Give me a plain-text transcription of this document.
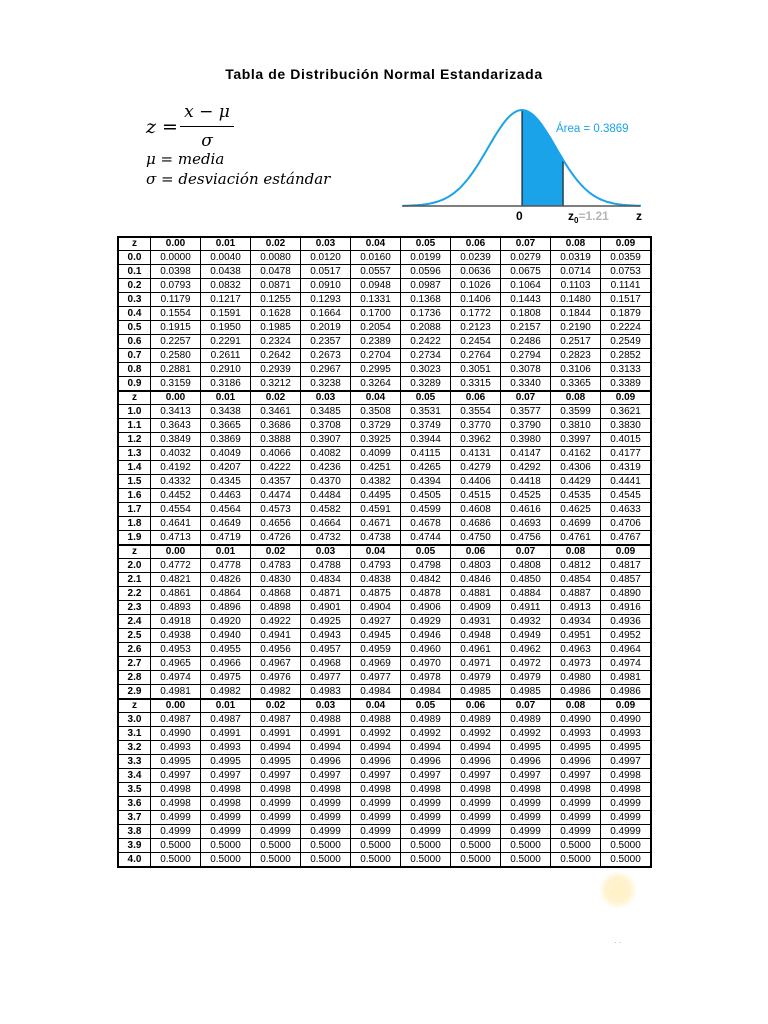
Tabla de Distribución Normal Estandarizada
z =
x − μ
σ
μ = media
σ = desviación estándar
Área = 0.3869
0	$z_0=1.21$ z
z	0.00	0.01	0.02	0.03	0.04	0.05	0.06	0.07	0.08	0.09
0.0	0.0000	0.0040	0.0080	0.0120	0.0160	0.0199	0.0239	0.0279	0.0319	0.0359
0.1	0.0398	0.0438	0.0478	0.0517	0.0557	0.0596	0.0636	0.0675	0.0714	0.0753
0.2	0.0793	0.0832	0.0871	0.0910	0.0948	0.0987	0.1026	0.1064	0.1103	0.1141
0.3	0.1179	0.1217	0.1255	0.1293	0.1331	0.1368	0.1406	0.1443	0.1480	0.1517
0.4	0.1554	0.1591	0.1628	0.1664	0.1700	0.1736	0.1772	0.1808	0.1844	0.1879
0.5	0.1915	0.1950	0.1985	0.2019	0.2054	0.2088	0.2123	0.2157	0.2190	0.2224
0.6	0.2257	0.2291	0.2324	0.2357	0.2389	0.2422	0.2454	0.2486	0.2517	0.2549
0.7	0.2580	0.2611	0.2642	0.2673	0.2704	0.2734	0.2764	0.2794	0.2823	0.2852
0.8	0.2881	0.2910	0.2939	0.2967	0.2995	0.3023	0.3051	0.3078	0.3106	0.3133
0.9	0.3159	0.3186	0.3212	0.3238	0.3264	0.3289	0.3315	0.3340	0.3365	0.3389
z	0.00	0.01	0.02	0.03	0.04	0.05	0.06	0.07	0.08	0.09
1.0	0.3413	0.3438	0.3461	0.3485	0.3508	0.3531	0.3554	0.3577	0.3599	0.3621
1.1	0.3643	0.3665	0.3686	0.3708	0.3729	0.3749	0.3770	0.3790	0.3810	0.3830
1.2	0.3849	0.3869	0.3888	0.3907	0.3925	0.3944	0.3962	0.3980	0.3997	0.4015
1.3	0.4032	0.4049	0.4066	0.4082	0.4099	0.4115	0.4131	0.4147	0.4162	0.4177
1.4	0.4192	0.4207	0.4222	0.4236	0.4251	0.4265	0.4279	0.4292	0.4306	0.4319
1.5	0.4332	0.4345	0.4357	0.4370	0.4382	0.4394	0.4406	0.4418	0.4429	0.4441
1.6	0.4452	0.4463	0.4474	0.4484	0.4495	0.4505	0.4515	0.4525	0.4535	0.4545
1.7	0.4554	0.4564	0.4573	0.4582	0.4591	0.4599	0.4608	0.4616	0.4625	0.4633
1.8	0.4641	0.4649	0.4656	0.4664	0.4671	0.4678	0.4686	0.4693	0.4699	0.4706
1.9	0.4713	0.4719	0.4726	0.4732	0.4738	0.4744	0.4750	0.4756	0.4761	0.4767
z	0.00	0.01	0.02	0.03	0.04	0.05	0.06	0.07	0.08	0.09
2.0	0.4772	0.4778	0.4783	0.4788	0.4793	0.4798	0.4803	0.4808	0.4812	0.4817
2.1	0.4821	0.4826	0.4830	0.4834	0.4838	0.4842	0.4846	0.4850	0.4854	0.4857
2.2	0.4861	0.4864	0.4868	0.4871	0.4875	0.4878	0.4881	0.4884	0.4887	0.4890
2.3	0.4893	0.4896	0.4898	0.4901	0.4904	0.4906	0.4909	0.4911	0.4913	0.4916
2.4	0.4918	0.4920	0.4922	0.4925	0.4927	0.4929	0.4931	0.4932	0.4934	0.4936
2.5	0.4938	0.4940	0.4941	0.4943	0.4945	0.4946	0.4948	0.4949	0.4951	0.4952
2.6	0.4953	0.4955	0.4956	0.4957	0.4959	0.4960	0.4961	0.4962	0.4963	0.4964
2.7	0.4965	0.4966	0.4967	0.4968	0.4969	0.4970	0.4971	0.4972	0.4973	0.4974
2.8	0.4974	0.4975	0.4976	0.4977	0.4977	0.4978	0.4979	0.4979	0.4980	0.4981
2.9	0.4981	0.4982	0.4982	0.4983	0.4984	0.4984	0.4985	0.4985	0.4986	0.4986
z	0.00	0.01	0.02	0.03	0.04	0.05	0.06	0.07	0.08	0.09
3.0	0.4987	0.4987	0.4987	0.4988	0.4988	0.4989	0.4989	0.4989	0.4990	0.4990
3.1	0.4990	0.4991	0.4991	0.4991	0.4992	0.4992	0.4992	0.4992	0.4993	0.4993
3.2	0.4993	0.4993	0.4994	0.4994	0.4994	0.4994	0.4994	0.4995	0.4995	0.4995
3.3	0.4995	0.4995	0.4995	0.4996	0.4996	0.4996	0.4996	0.4996	0.4996	0.4997
3.4	0.4997	0.4997	0.4997	0.4997	0.4997	0.4997	0.4997	0.4997	0.4997	0.4998
3.5	0.4998	0.4998	0.4998	0.4998	0.4998	0.4998	0.4998	0.4998	0.4998	0.4998
3.6	0.4998	0.4998	0.4999	0.4999	0.4999	0.4999	0.4999	0.4999	0.4999	0.4999
3.7	0.4999	0.4999	0.4999	0.4999	0.4999	0.4999	0.4999	0.4999	0.4999	0.4999
3.8	0.4999	0.4999	0.4999	0.4999	0.4999	0.4999	0.4999	0.4999	0.4999	0.4999
3.9	0.5000	0.5000	0.5000	0.5000	0.5000	0.5000	0.5000	0.5000	0.5000	0.5000
4.0	0.5000	0.5000	0.5000	0.5000	0.5000	0.5000	0.5000	0.5000	0.5000	0.5000
· ·
